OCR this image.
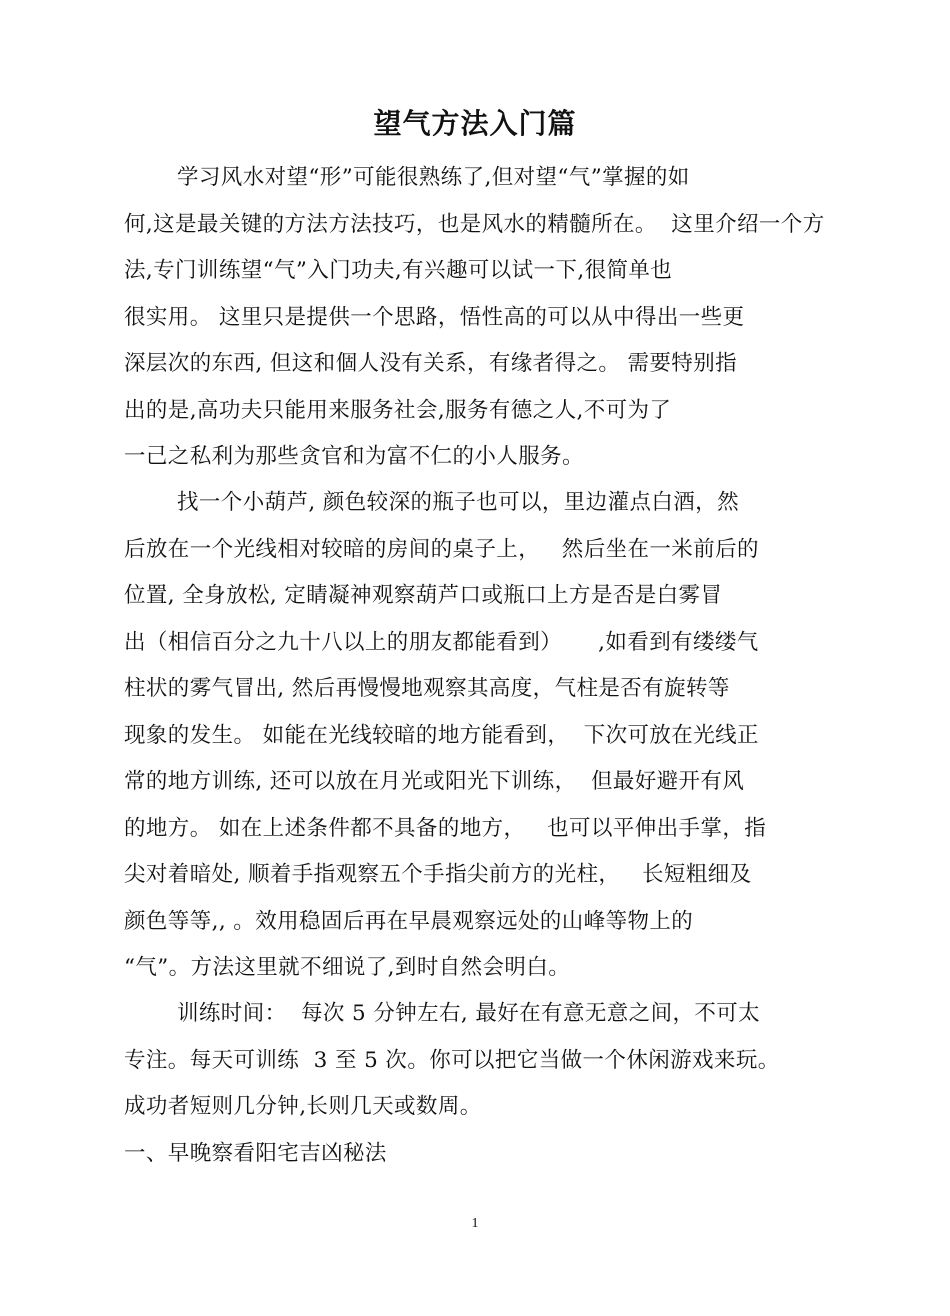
望气方法入门篇
学习风水对望“形”可能很熟练了,但对望“气”掌握的如
何,这是最关键的方法方法技巧，也是风水的精髓所在。  这里介绍一个方
法,专门训练望“气”入门功夫,有兴趣可以试一下,很简单也
很实用。 这里只是提供一个思路，悟性高的可以从中得出一些更
深层次的东西, 但这和個人没有关系，有缘者得之。 需要特别指
出的是,高功夫只能用来服务社会,服务有德之人,不可为了
一己之私利为那些贪官和为富不仁的小人服务。
找一个小葫芦, 颜色较深的瓶子也可以，里边灌点白酒，然
后放在一个光线相对较暗的房间的桌子上，   然后坐在一米前后的
位置, 全身放松, 定睛凝神观察葫芦口或瓶口上方是否是白雾冒
出（相信百分之九十八以上的朋友都能看到）     ,如看到有缕缕气
柱状的雾气冒出, 然后再慢慢地观察其高度，气柱是否有旋转等
现象的发生。 如能在光线较暗的地方能看到，  下次可放在光线正
常的地方训练, 还可以放在月光或阳光下训练，  但最好避开有风
的地方。 如在上述条件都不具备的地方，   也可以平伸出手掌，指
尖对着暗处, 顺着手指观察五个手指尖前方的光柱，   长短粗细及
颜色等等,, 。效用稳固后再在早晨观察远处的山峰等物上的
“气”。方法这里就不细说了,到时自然会明白。
训练时间：  每次 5 分钟左右, 最好在有意无意之间，不可太
专注。每天可训练  3 至 5 次。你可以把它当做一个休闲游戏来玩。
成功者短则几分钟,长则几天或数周。
一、早晚察看阳宅吉凶秘法
1
